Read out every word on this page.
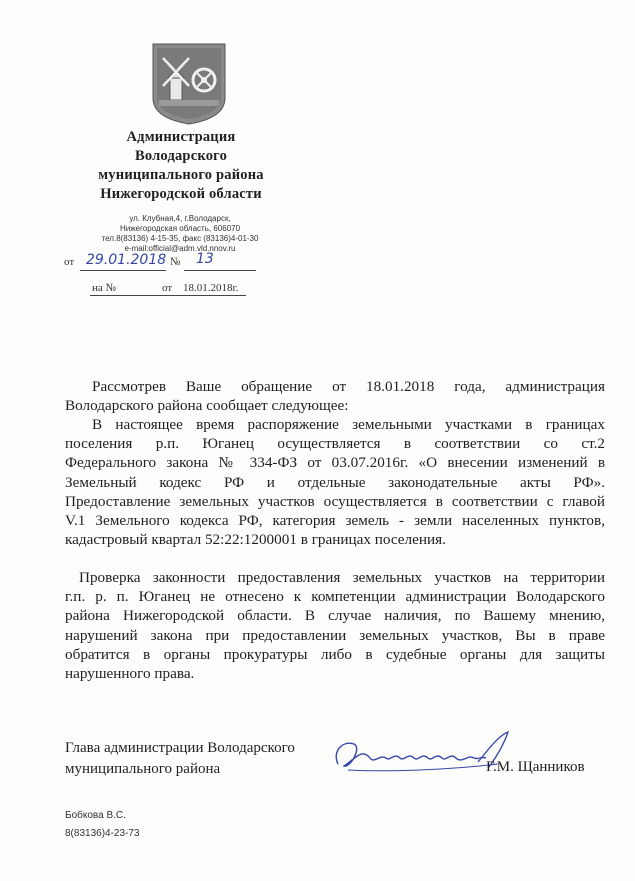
Администрация
Володарского
муниципального района
Нижегородской области
ул. Клубная,4, г.Володарск,
Нижегородская область, 606070
тел.8(83136) 4-15-35, факс (83136)4-01-30
e-mail:official@adm.vld.nnov.ru
от 29.01.2018 № 13
на №	от 18.01.2018г.
Рассмотрев Ваше обращение от 18.01.2018 года, администрация
Володарского района сообщает следующее:
В настоящее время распоряжение земельными участками в границах
поселения р.п. Юганец осуществляется в соответствии со ст.2
Федерального закона № 334-ФЗ от 03.07.2016г. «О внесении изменений в
Земельный кодекс РФ и отдельные законодательные акты РФ».
Предоставление земельных участков осуществляется в соответствии с главой
V.1 Земельного кодекса РФ, категория земель - земли населенных пунктов,
кадастровый квартал 52:22:1200001 в границах поселения.
Проверка законности предоставления земельных участков на территории
г.п. р. п. Юганец не отнесено к компетенции администрации Володарского
района Нижегородской области. В случае наличия, по Вашему мнению,
нарушений закона при предоставлении земельных участков, Вы в праве
обратится в органы прокуратуры либо в судебные органы для защиты
нарушенного права.
Глава администрации Володарского
муниципального района	Г.М. Щанников
Бобкова В.С.
8(83136)4-23-73
